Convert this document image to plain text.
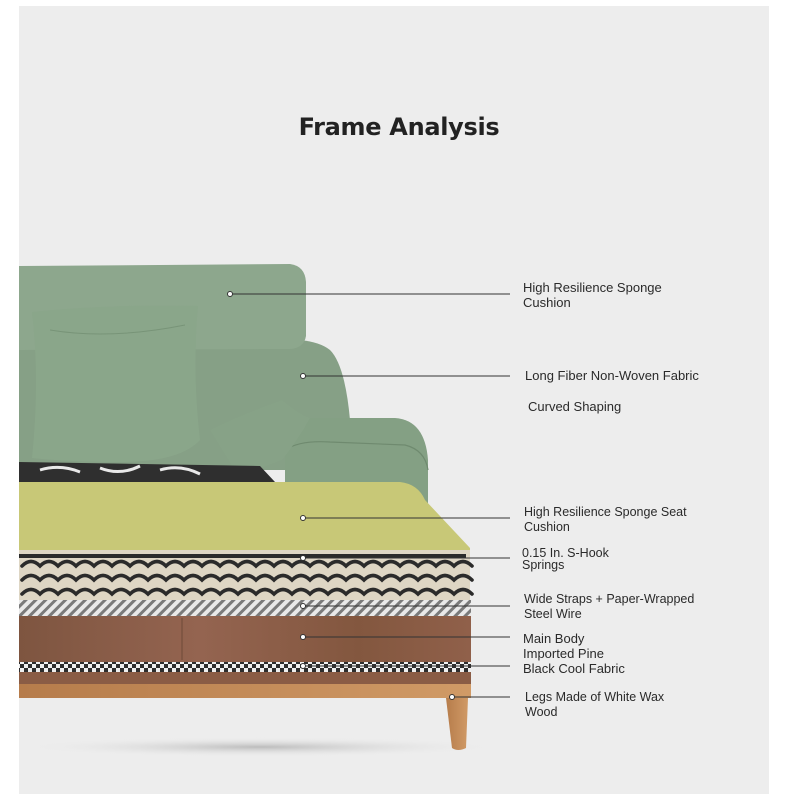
Frame Analysis
High Resilience Sponge
Cushion
Long Fiber Non-Woven Fabric
Curved Shaping
High Resilience Sponge Seat
Cushion
0.15 In. S-Hook
Springs
Wide Straps + Paper-Wrapped
Steel Wire
Main Body
Imported Pine
Black Cool Fabric
Legs Made of White Wax
Wood
